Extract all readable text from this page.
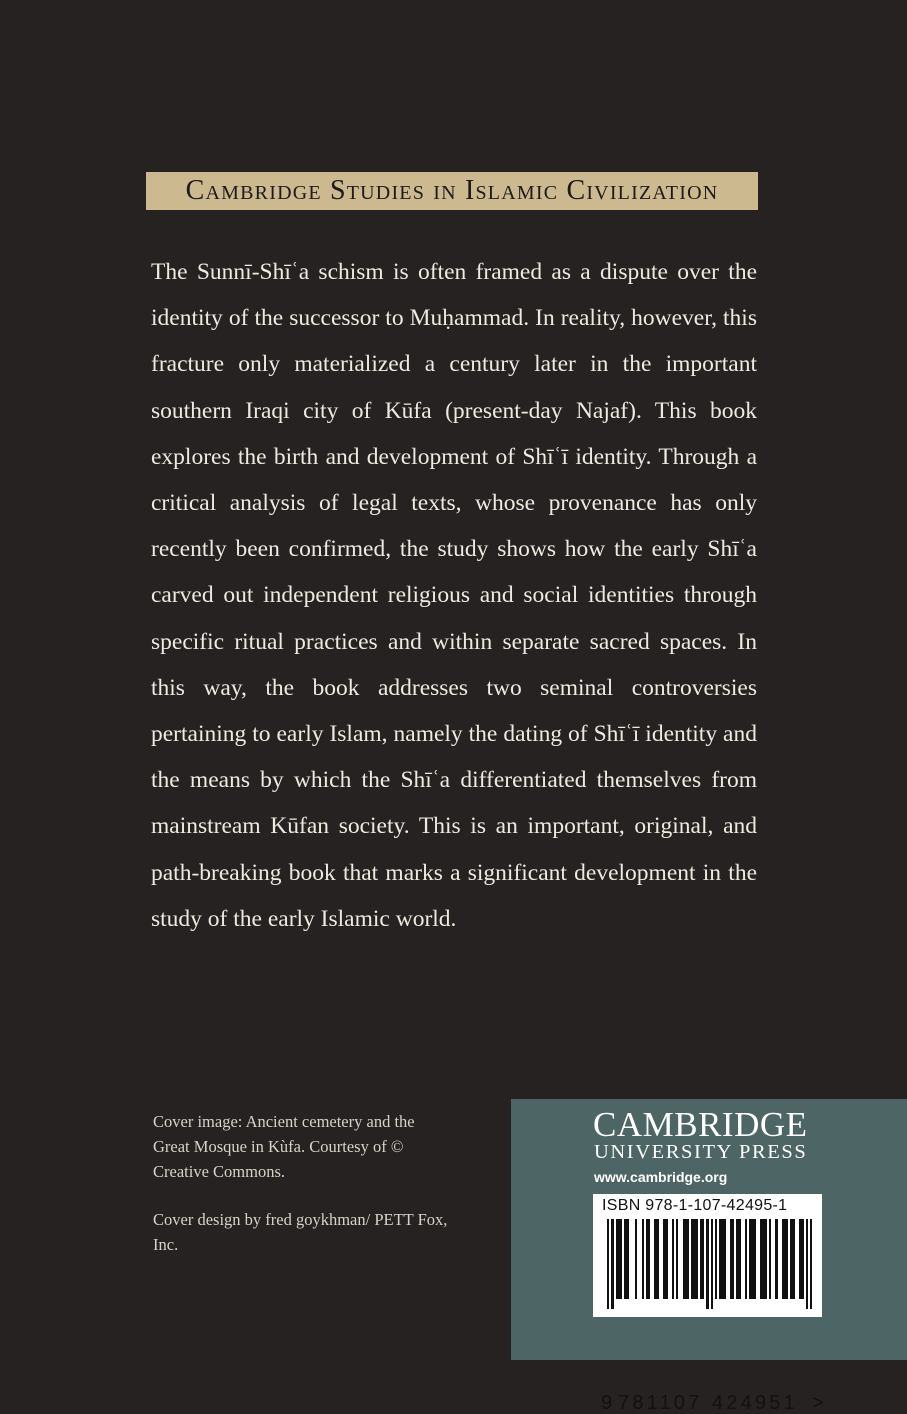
Cambridge Studies in Islamic Civilization

The Sunnī-Shīʿa schism is often framed as a dispute over the identity of the successor to Muḥammad. In reality, however, this fracture only materialized a century later in the important southern Iraqi city of Kūfa (present-day Najaf). This book explores the birth and development of Shīʿī identity. Through a critical analysis of legal texts, whose provenance has only recently been confirmed, the study shows how the early Shīʿa carved out independent religious and social identities through specific ritual practices and within separate sacred spaces. In this way, the book addresses two seminal controversies pertaining to early Islam, namely the dating of Shīʿī identity and the means by which the Shīʿa differentiated themselves from mainstream Kūfan society. This is an important, original, and path-breaking book that marks a significant development in the study of the early Islamic world.

Cover image: Ancient cemetery and the Great Mosque in Kùfa. Courtesy of © Creative Commons.

Cover design by fred goykhman/ PETT Fox, Inc.

CAMBRIDGE
UNIVERSITY PRESS
www.cambridge.org
ISBN 978-1-107-42495-1
9 781107 424951 >
